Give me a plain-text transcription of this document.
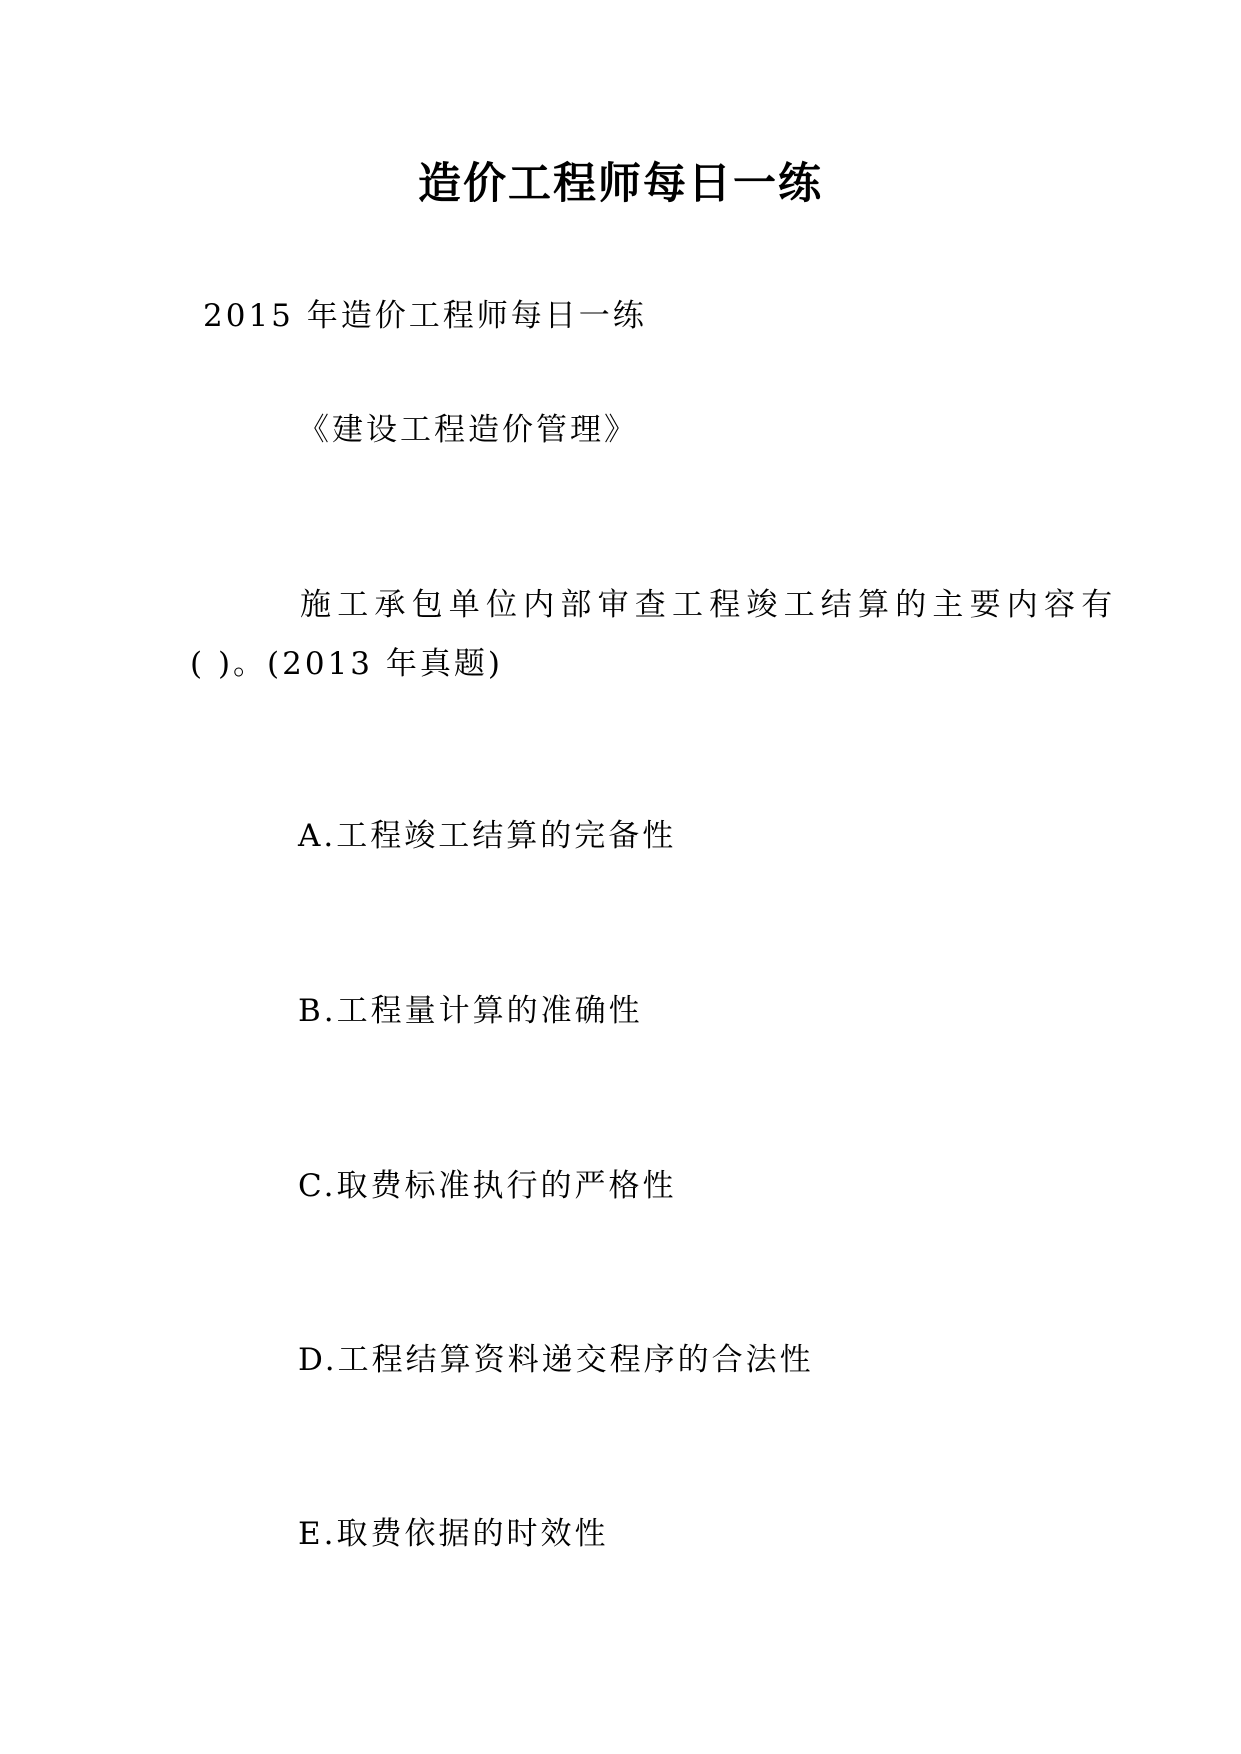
造价工程师每日一练
2015 年造价工程师每日一练
《建设工程造价管理》
施工承包单位内部审查工程竣工结算的主要内容有
( )。(2013 年真题)
A.工程竣工结算的完备性
B.工程量计算的准确性
C.取费标准执行的严格性
D.工程结算资料递交程序的合法性
E.取费依据的时效性
